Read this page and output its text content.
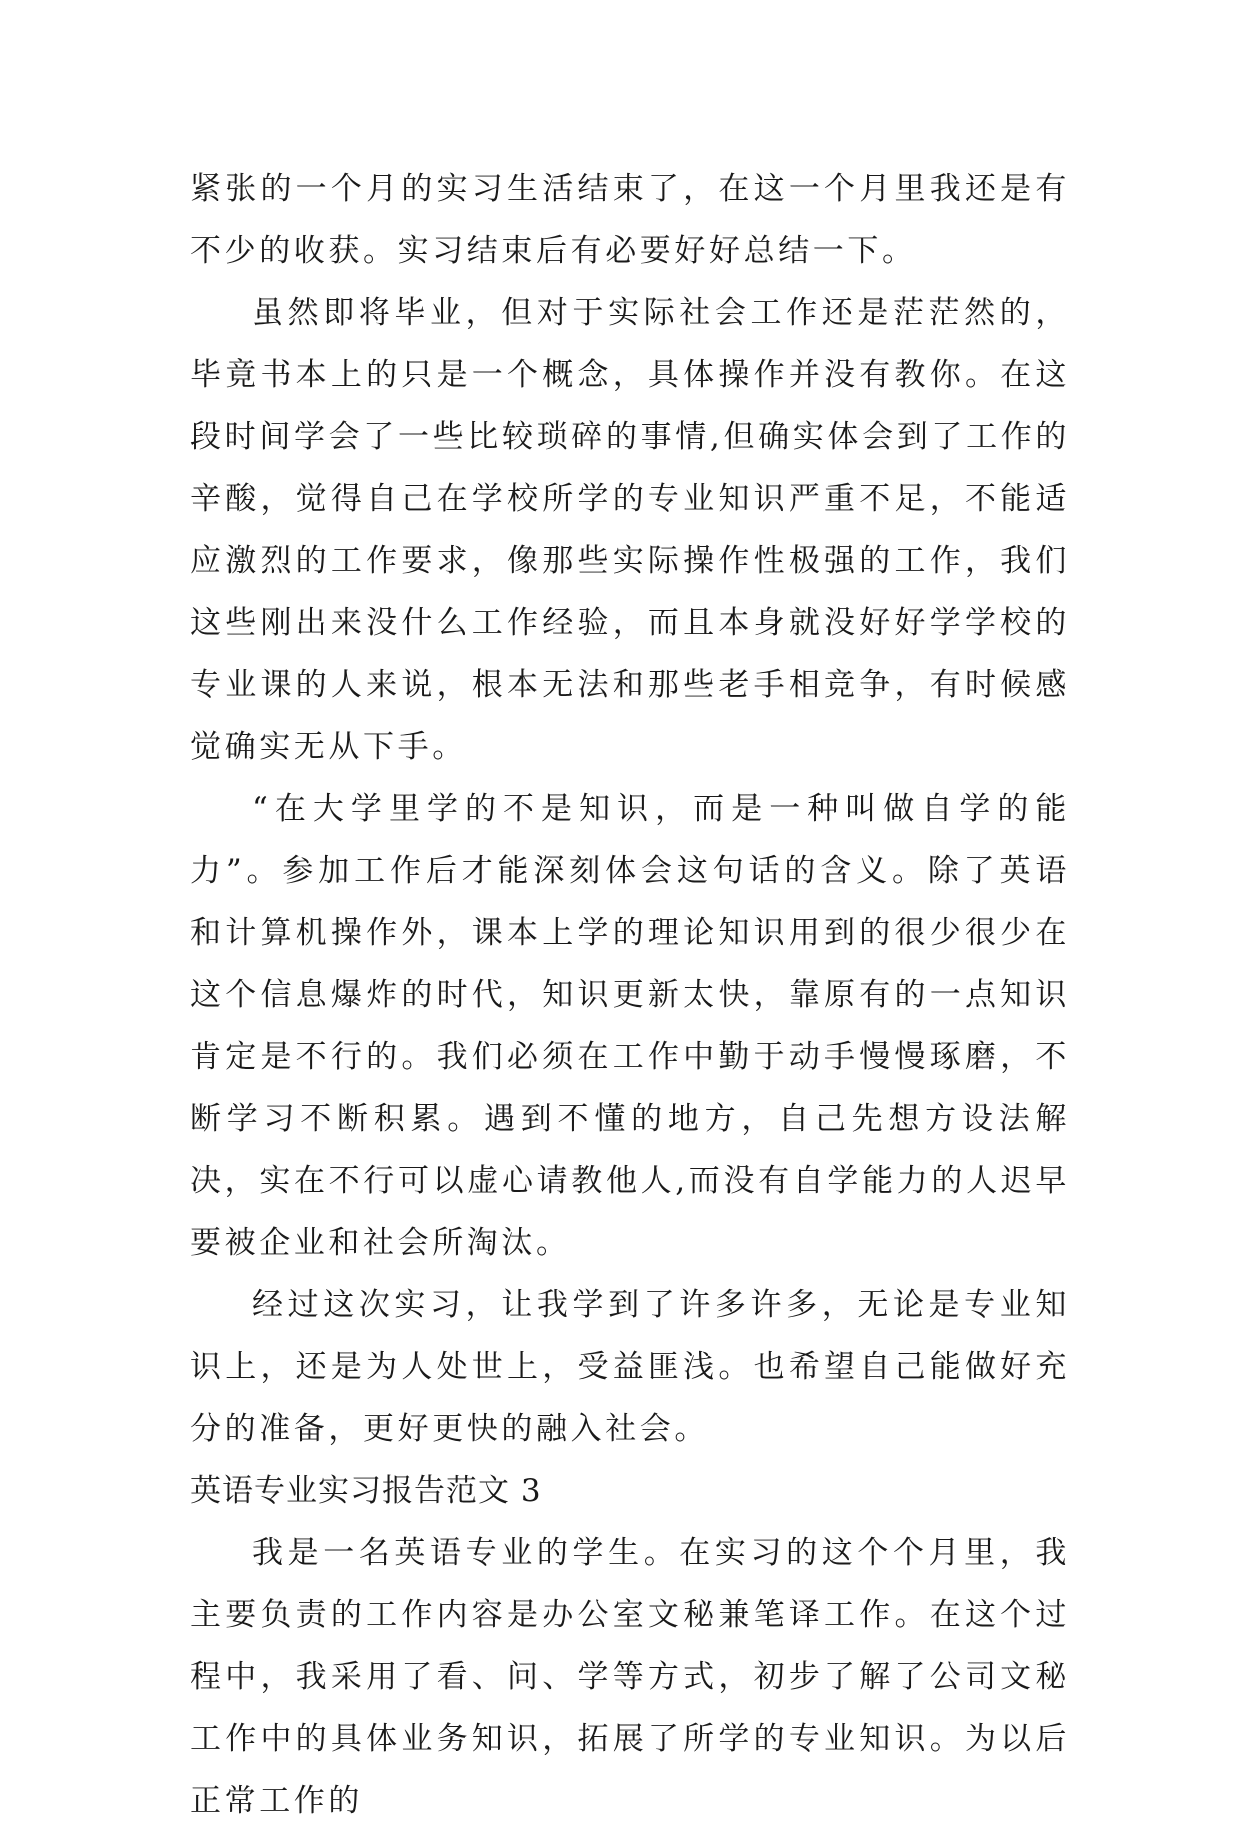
紧张的一个月的实习生活结束了，在这一个月里我还是有不少的收获。实习结束后有必要好好总结一下。

虽然即将毕业，但对于实际社会工作还是茫茫然的，毕竟书本上的只是一个概念，具体操作并没有教你。在这段时间学会了一些比较琐碎的事情,但确实体会到了工作的辛酸，觉得自己在学校所学的专业知识严重不足，不能适应激烈的工作要求，像那些实际操作性极强的工作，我们这些刚出来没什么工作经验，而且本身就没好好学学校的专业课的人来说，根本无法和那些老手相竞争，有时候感觉确实无从下手。

“在大学里学的不是知识，而是一种叫做自学的能力”。参加工作后才能深刻体会这句话的含义。除了英语和计算机操作外，课本上学的理论知识用到的很少很少在这个信息爆炸的时代，知识更新太快，靠原有的一点知识肯定是不行的。我们必须在工作中勤于动手慢慢琢磨，不断学习不断积累。遇到不懂的地方，自己先想方设法解决，实在不行可以虚心请教他人,而没有自学能力的人迟早要被企业和社会所淘汰。

经过这次实习，让我学到了许多许多，无论是专业知识上，还是为人处世上，受益匪浅。也希望自己能做好充分的准备，更好更快的融入社会。

英语专业实习报告范文 3

我是一名英语专业的学生。在实习的这个个月里，我主要负责的工作内容是办公室文秘兼笔译工作。在这个过程中，我采用了看、问、学等方式，初步了解了公司文秘工作中的具体业务知识，拓展了所学的专业知识。为以后正常工作的
